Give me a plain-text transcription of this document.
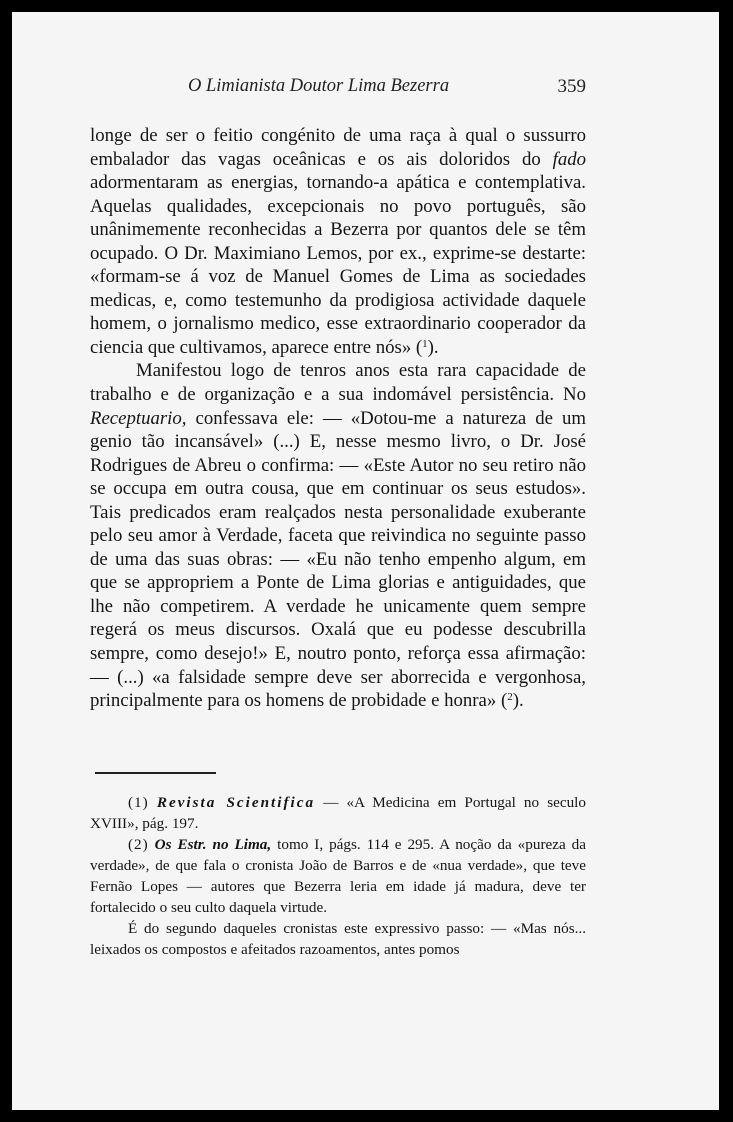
O Limianista Doutor Lima Bezerra	359

longe de ser o feitio congénito de uma raça à qual o sussurro embalador das vagas oceânicas e os ais doloridos do fado adormentaram as energias, tornando-a apática e contemplativa. Aquelas qualidades, excepcionais no povo português, são unânimemente reconhecidas a Bezerra por quantos dele se têm ocupado. O Dr. Maximiano Lemos, por ex., exprime-se destarte: «formam-se á voz de Manuel Gomes de Lima as sociedades medicas, e, como testemunho da prodigiosa actividade daquele homem, o jornalismo medico, esse extraordinario cooperador da ciencia que cultivamos, aparece entre nós» ($^1$).

Manifestou logo de tenros anos esta rara capacidade de trabalho e de organização e a sua indomável persistência. No Receptuario, confessava ele: — «Dotou-me a natureza de um genio tão incansável» (...) E, nesse mesmo livro, o Dr. José Rodrigues de Abreu o confirma: — «Este Autor no seu retiro não se occupa em outra cousa, que em continuar os seus estudos». Tais predicados eram realçados nesta personalidade exuberante pelo seu amor à Verdade, faceta que reivindica no seguinte passo de uma das suas obras: — «Eu não tenho empenho algum, em que se appropriem a Ponte de Lima glorias e antiguidades, que lhe não competirem. A verdade he unicamente quem sempre regerá os meus discursos. Oxalá que eu podesse descubrilla sempre, como desejo!» E, noutro ponto, reforça essa afirmação: — (...) «a falsidade sempre deve ser aborrecida e vergonhosa, principalmente para os homens de probidade e honra» ($^2$).

(1) Revista Scientifica — «A Medicina em Portugal no seculo XVIII», pág. 197.

(2) Os Estr. no Lima, tomo I, págs. 114 e 295. A noção da «pureza da verdade», de que fala o cronista João de Barros e de «nua verdade», que teve Fernão Lopes — autores que Bezerra leria em idade já madura, deve ter fortalecido o seu culto daquela virtude.

É do segundo daqueles cronistas este expressivo passo: — «Mas nós... leixados os compostos e afeitados razoamentos, antes pomos
